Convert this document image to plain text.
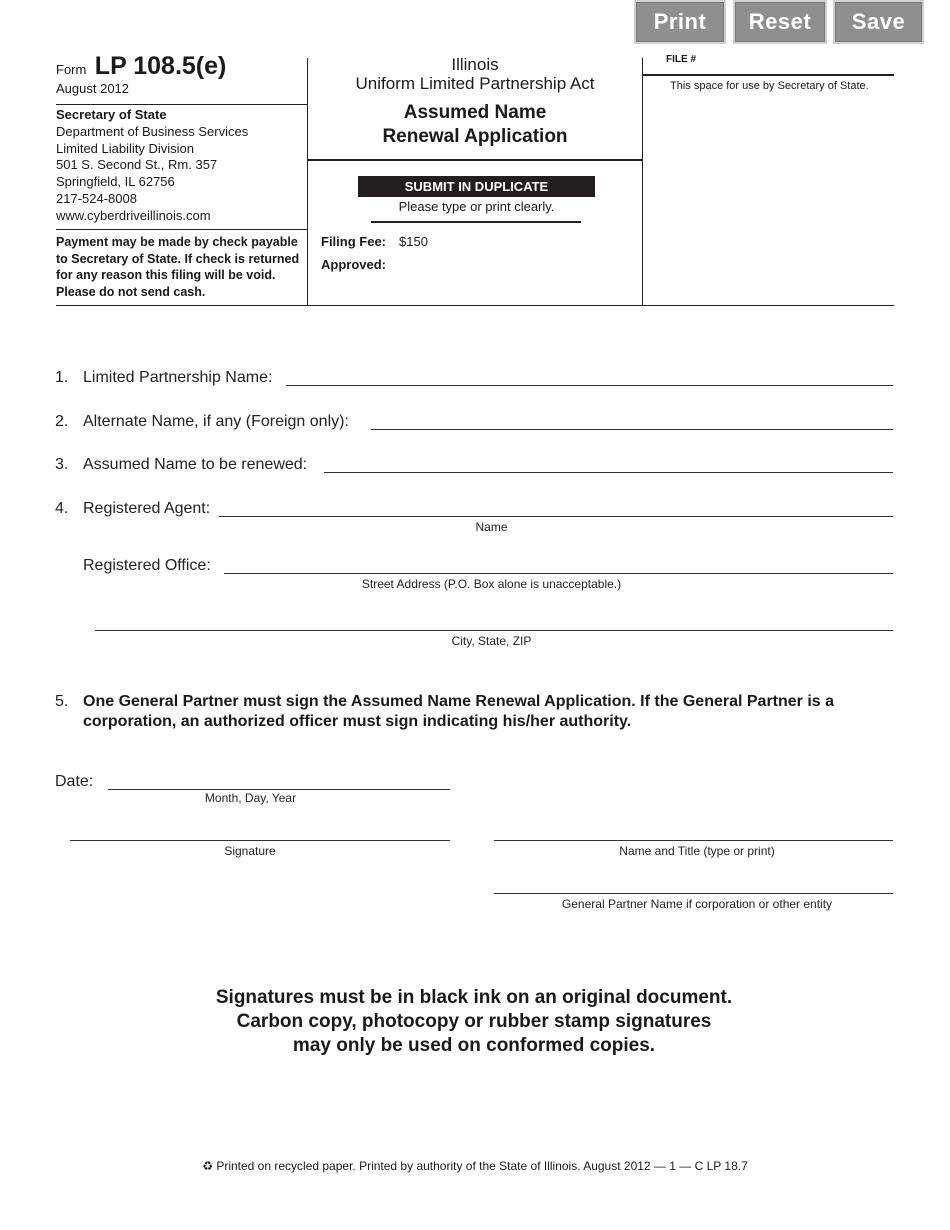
Print	Reset	Save
Form LP 108.5(e)
August 2012
Secretary of State
Department of Business Services
Limited Liability Division
501 S. Second St., Rm. 357
Springfield, IL 62756
217-524-8008
www.cyberdriveillinois.com
Payment may be made by check payable to Secretary of State. If check is returned for any reason this filing will be void. Please do not send cash.
Illinois
Uniform Limited Partnership Act
Assumed Name
Renewal Application
SUBMIT IN DUPLICATE
Please type or print clearly.
Filing Fee: $150
Approved:
FILE #
This space for use by Secretary of State.
1. Limited Partnership Name:
2. Alternate Name, if any (Foreign only):
3. Assumed Name to be renewed:
4. Registered Agent:
Name
Registered Office:
Street Address (P.O. Box alone is unacceptable.)
City, State, ZIP
5. One General Partner must sign the Assumed Name Renewal Application. If the General Partner is a corporation, an authorized officer must sign indicating his/her authority.
Date:
Month, Day, Year
Signature	Name and Title (type or print)
General Partner Name if corporation or other entity
Signatures must be in black ink on an original document.
Carbon copy, photocopy or rubber stamp signatures
may only be used on conformed copies.
♻ Printed on recycled paper. Printed by authority of the State of Illinois. August 2012 — 1 — C LP 18.7
